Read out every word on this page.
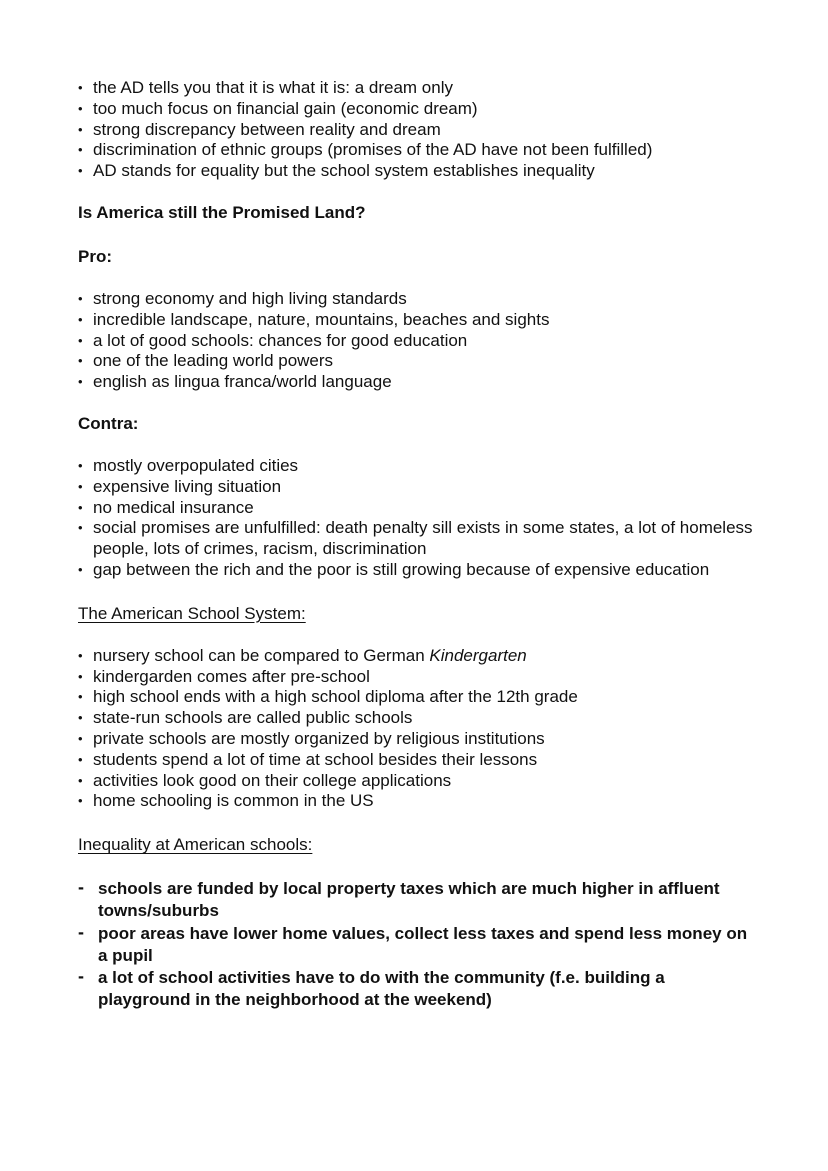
• the AD tells you that it is what it is: a dream only
• too much focus on financial gain (economic dream)
• strong discrepancy between reality and dream
• discrimination of ethnic groups (promises of the AD have not been fulfilled)
• AD stands for equality but the school system establishes inequality

Is America still the Promised Land?

Pro:

• strong economy and high living standards
• incredible landscape, nature, mountains, beaches and sights
• a lot of good schools: chances for good education
• one of the leading world powers
• english as lingua franca/world language

Contra:

• mostly overpopulated cities
• expensive living situation
• no medical insurance
• social promises are unfulfilled: death penalty sill exists in some states, a lot of homeless people, lots of crimes, racism, discrimination
• gap between the rich and the poor is still growing because of expensive education

The American School System:

• nursery school can be compared to German Kindergarten
• kindergarden comes after pre-school
• high school ends with a high school diploma after the 12th grade
• state-run schools are called public schools
• private schools are mostly organized by religious institutions
• students spend a lot of time at school besides their lessons
• activities look good on their college applications
• home schooling is common in the US

Inequality at American schools:

- schools are funded by local property taxes which are much higher in affluent towns/suburbs
- poor areas have lower home values, collect less taxes and spend less money on a pupil
- a lot of school activities have to do with the community (f.e. building a playground in the neighborhood at the weekend)
